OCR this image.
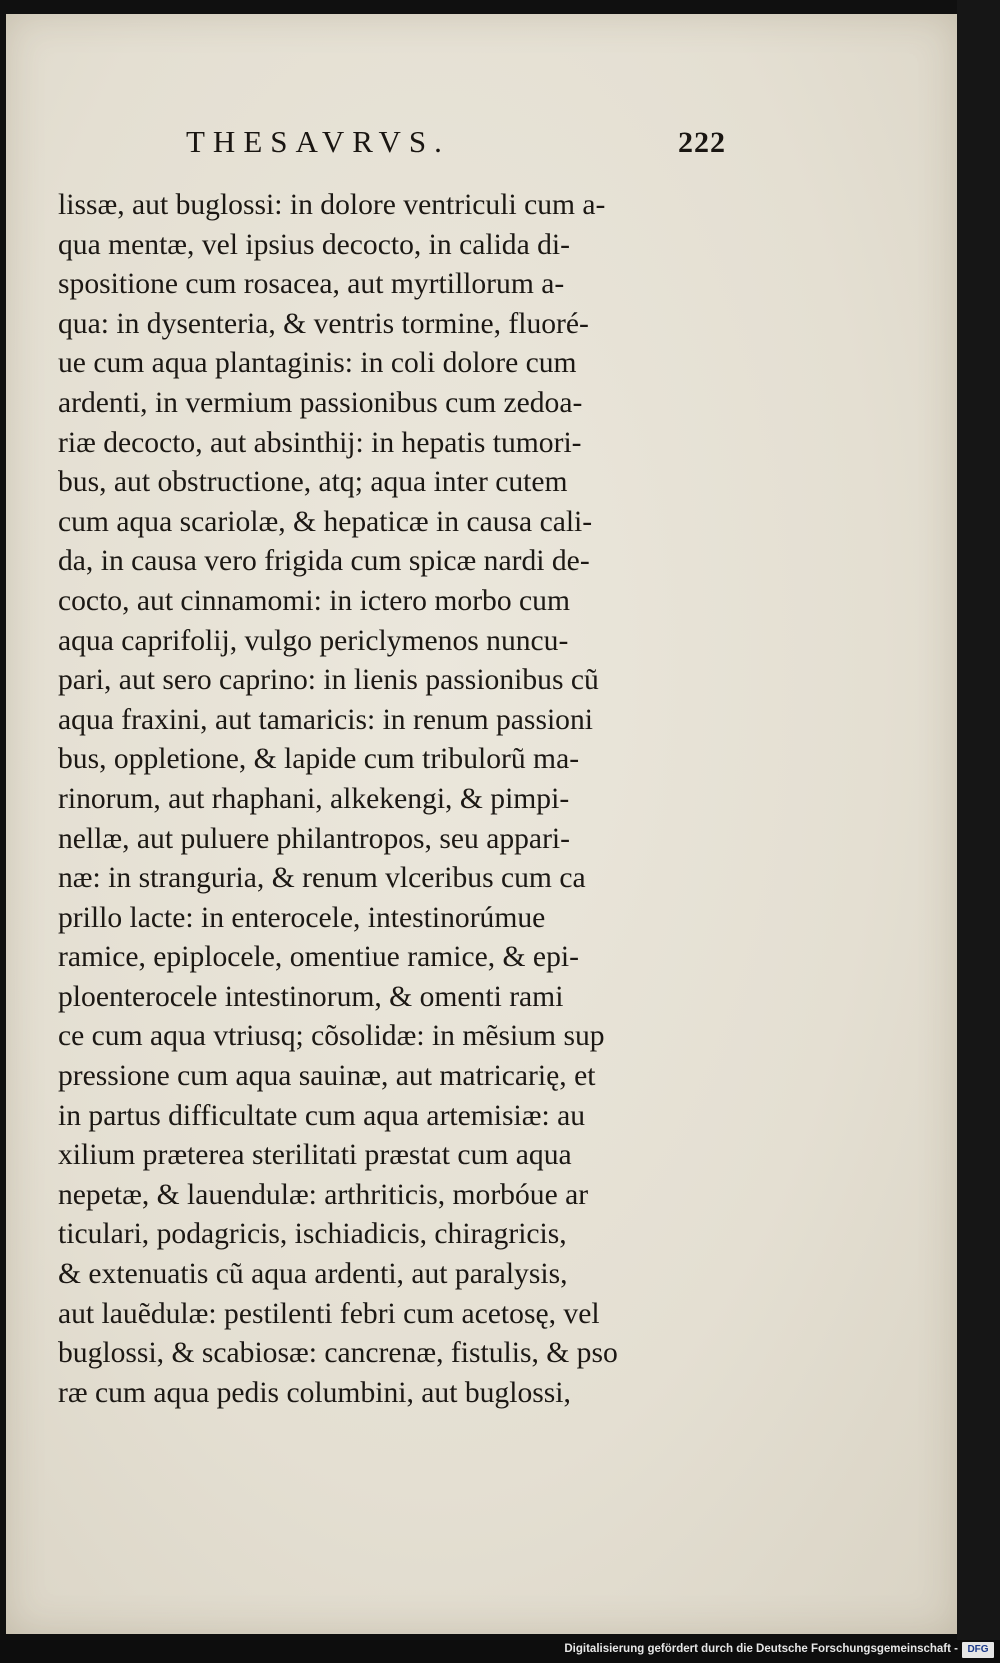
THESAVRVS.	222
lissæ, aut buglossi: in dolore ventriculi cum a-
qua mentæ, vel ipsius decocto, in calida di-
spositione cum rosacea, aut myrtillorum a-
qua: in dysenteria, & ventris tormine, fluoré-
ue cum aqua plantaginis: in coli dolore cum
ardenti, in vermium passionibus cum zedoa-
riæ decocto, aut absinthij: in hepatis tumori-
bus, aut obstructione, atq; aqua inter cutem
cum aqua scariolæ, & hepaticæ in causa cali-
da, in causa vero frigida cum spicæ nardi de-
cocto, aut cinnamomi: in ictero morbo cum
aqua caprifolij, vulgo periclymenos nuncu-
pari, aut sero caprino: in lienis passionibus cũ
aqua fraxini, aut tamaricis: in renum passioni
bus, oppletione, & lapide cum tribulorũ ma-
rinorum, aut rhaphani, alkekengi, & pimpi-
nellæ, aut puluere philantropos, seu appari-
næ: in stranguria, & renum vlceribus cum ca
prillo lacte: in enterocele, intestinorúmue
ramice, epiplocele, omentiue ramice, & epi-
ploenterocele intestinorum, & omenti rami
ce cum aqua vtriusq; cõsolidæ: in mẽsium sup
pressione cum aqua sauinæ, aut matricarię, et
in partus difficultate cum aqua artemisiæ: au
xilium præterea sterilitati præstat cum aqua
nepetæ, & lauendulæ: arthriticis, morbóue ar
ticulari, podagricis, ischiadicis, chiragricis,
& extenuatis cũ aqua ardenti, aut paralysis,
aut lauẽdulæ: pestilenti febri cum acetosę, vel
buglossi, & scabiosæ: cancrenæ, fistulis, & pso
ræ cum aqua pedis columbini, aut buglossi,
Digitalisierung gefördert durch die Deutsche Forschungsgemeinschaft - DFG
